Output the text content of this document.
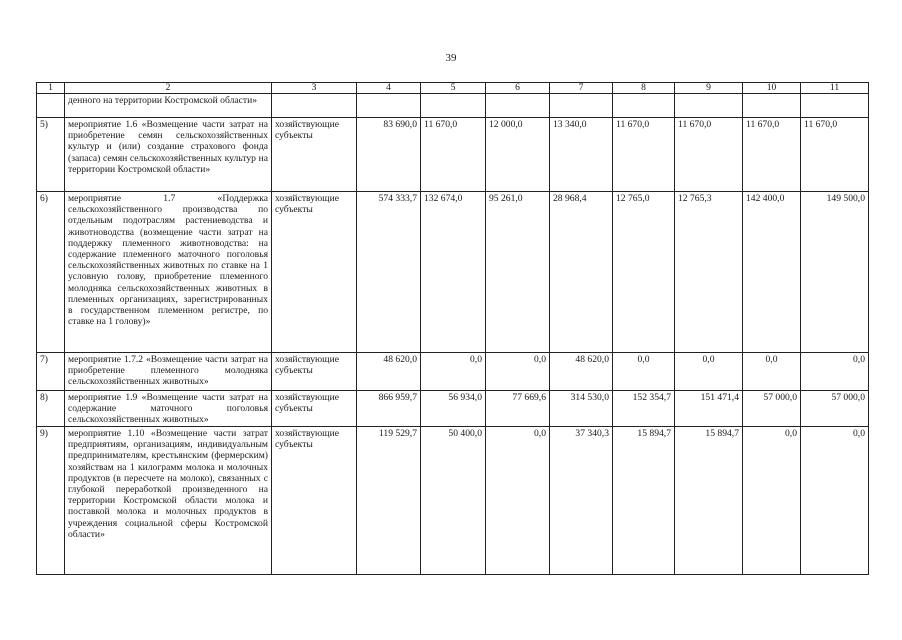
39
1	2	3	4	5	6	7	8	9	10	11
	денного на территории Костромской области»									
5)	мероприятие 1.6 «Возмещение части затрат на приобретение семян сельскохозяйственных культур и (или) создание страхового фонда (запаса) семян сельскохозяйственных культур на территории Костромской области»	хозяйствующие субъекты	83 690,0	11 670,0	12 000,0	13 340,0	11 670,0	11 670,0	11 670,0	11 670,0
6)	мероприятие 1.7 «Поддержка сельскохозяйственного производства по отдельным подотраслям растениеводства и животноводства (возмещение части затрат на поддержку племенного животноводства: на содержание племенного маточного поголовья сельскохозяйственных животных по ставке на 1 условную голову, приобретение племенного молодняка сельскохозяйственных животных в племенных организациях, зарегистрированных в государственном племенном регистре, по ставке на 1 голову)»	хозяйствующие субъекты	574 333,7	132 674,0	95 261,0	28 968,4	12 765,0	12 765,3	142 400,0	149 500,0
7)	мероприятие 1.7.2 «Возмещение части затрат на приобретение племенного молодняка сельскохозяйственных животных»	хозяйствующие субъекты	48 620,0	0,0	0,0	48 620,0	0,0	0,0	0,0	0,0
8)	мероприятие 1.9 «Возмещение части затрат на содержание маточного поголовья сельскохозяйственных животных»	хозяйствующие субъекты	866 959,7	56 934,0	77 669,6	314 530,0	152 354,7	151 471,4	57 000,0	57 000,0
9)	мероприятие 1.10 «Возмещение части затрат предприятиям, организациям, индивидуальным предпринимателям, крестьянским (фермерским) хозяйствам на 1 килограмм молока и молочных продуктов (в пересчете на молоко), связанных с глубокой переработкой произведенного на территории Костромской области молока и поставкой молока и молочных продуктов в учреждения социальной сферы Костромской области»	хозяйствующие субъекты	119 529,7	50 400,0	0,0	37 340,3	15 894,7	15 894,7	0,0	0,0
